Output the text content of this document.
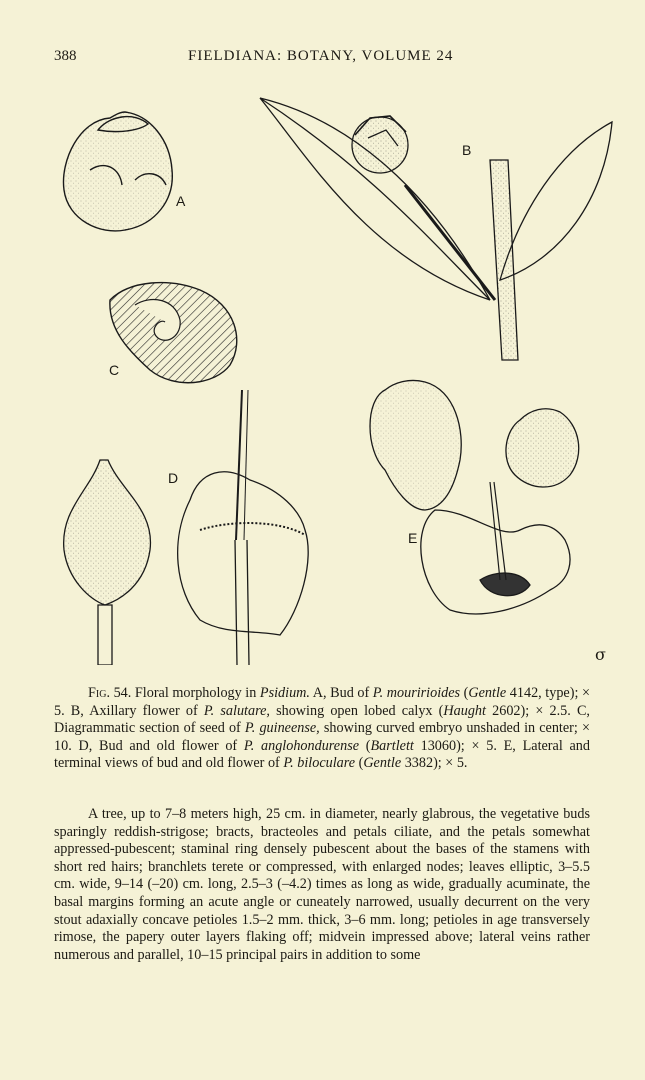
388	FIELDIANA: BOTANY, VOLUME 24
A
B
C
D
E
σ
Fig. 54. Floral morphology in Psidium. A, Bud of P. mouririoides (Gentle 4142, type); × 5. B, Axillary flower of P. salutare, showing open lobed calyx (Haught 2602); × 2.5. C, Diagrammatic section of seed of P. guineense, showing curved embryo unshaded in center; × 10. D, Bud and old flower of P. anglohondurense (Bartlett 13060); × 5. E, Lateral and terminal views of bud and old flower of P. biloculare (Gentle 3382); × 5.
A tree, up to 7–8 meters high, 25 cm. in diameter, nearly glabrous, the vegetative buds sparingly reddish-strigose; bracts, bracteoles and petals ciliate, and the petals somewhat appressed-pubescent; staminal ring densely pubescent about the bases of the stamens with short red hairs; branchlets terete or compressed, with enlarged nodes; leaves elliptic, 3–5.5 cm. wide, 9–14 (–20) cm. long, 2.5–3 (–4.2) times as long as wide, gradually acuminate, the basal margins forming an acute angle or cuneately narrowed, usually decurrent on the very stout adaxially concave petioles 1.5–2 mm. thick, 3–6 mm. long; petioles in age transversely rimose, the papery outer layers flaking off; midvein impressed above; lateral veins rather numerous and parallel, 10–15 principal pairs in addition to some
